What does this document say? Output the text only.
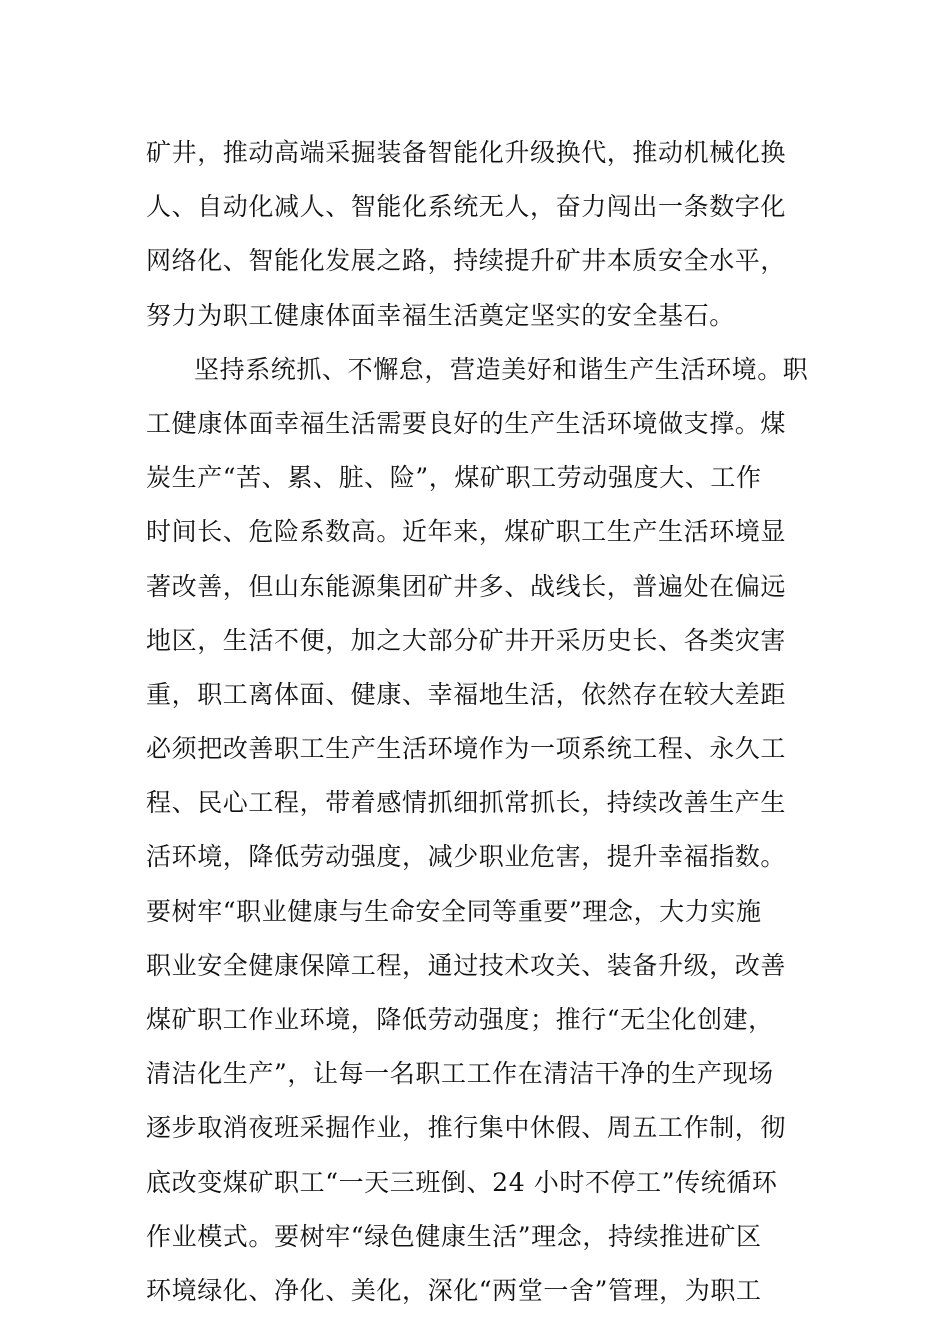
矿井，推动高端采掘装备智能化升级换代，推动机械化换
人、自动化减人、智能化系统无人，奋力闯出一条数字化
网络化、智能化发展之路，持续提升矿井本质安全水平，
努力为职工健康体面幸福生活奠定坚实的安全基石。
坚持系统抓、不懈怠，营造美好和谐生产生活环境。职
工健康体面幸福生活需要良好的生产生活环境做支撑。煤
炭生产“苦、累、脏、险”，煤矿职工劳动强度大、工作
时间长、危险系数高。近年来，煤矿职工生产生活环境显
著改善，但山东能源集团矿井多、战线长，普遍处在偏远
地区，生活不便，加之大部分矿井开采历史长、各类灾害
重，职工离体面、健康、幸福地生活，依然存在较大差距
必须把改善职工生产生活环境作为一项系统工程、永久工
程、民心工程，带着感情抓细抓常抓长，持续改善生产生
活环境，降低劳动强度，减少职业危害，提升幸福指数。
要树牢“职业健康与生命安全同等重要”理念，大力实施
职业安全健康保障工程，通过技术攻关、装备升级，改善
煤矿职工作业环境，降低劳动强度；推行“无尘化创建，
清洁化生产”，让每一名职工工作在清洁干净的生产现场
逐步取消夜班采掘作业，推行集中休假、周五工作制，彻
底改变煤矿职工“一天三班倒、24 小时不停工”传统循环
作业模式。要树牢“绿色健康生活”理念，持续推进矿区
环境绿化、净化、美化，深化“两堂一舍”管理，为职工
